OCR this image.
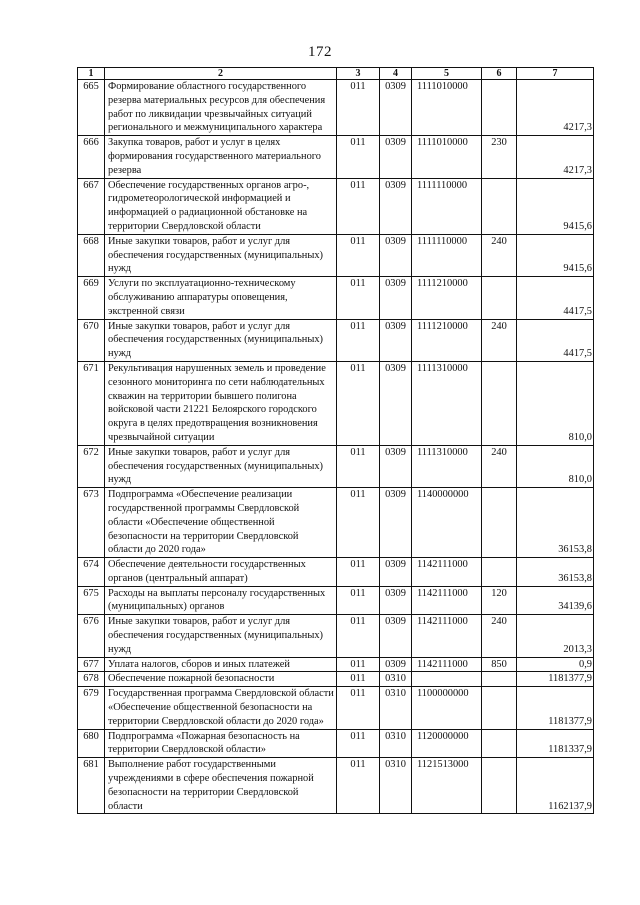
172
1	2	3	4	5	6	7
665	Формирование областного государственного резерва материальных ресурсов для обеспечения работ по ликвидации чрезвычайных ситуаций регионального и межмуниципального характера	011	0309	1111010000		4217,3
666	Закупка товаров, работ и услуг в целях формирования государственного материального резерва	011	0309	1111010000	230	4217,3
667	Обеспечение государственных органов агро-, гидрометеорологической информацией и информацией о радиационной обстановке на территории Свердловской области	011	0309	1111110000		9415,6
668	Иные закупки товаров, работ и услуг для обеспечения государственных (муниципальных) нужд	011	0309	1111110000	240	9415,6
669	Услуги по эксплуатационно-техническому обслуживанию аппаратуры оповещения, экстренной связи	011	0309	1111210000		4417,5
670	Иные закупки товаров, работ и услуг для обеспечения государственных (муниципальных) нужд	011	0309	1111210000	240	4417,5
671	Рекультивация нарушенных земель и проведение сезонного мониторинга по сети наблюдательных скважин на территории бывшего полигона войсковой части 21221 Белоярского городского округа в целях предотвращения возникновения чрезвычайной ситуации	011	0309	1111310000		810,0
672	Иные закупки товаров, работ и услуг для обеспечения государственных (муниципальных) нужд	011	0309	1111310000	240	810,0
673	Подпрограмма «Обеспечение реализации государственной программы Свердловской области «Обеспечение общественной безопасности на территории Свердловской области до 2020 года»	011	0309	1140000000		36153,8
674	Обеспечение деятельности государственных органов (центральный аппарат)	011	0309	1142111000		36153,8
675	Расходы на выплаты персоналу государственных (муниципальных) органов	011	0309	1142111000	120	34139,6
676	Иные закупки товаров, работ и услуг для обеспечения государственных (муниципальных) нужд	011	0309	1142111000	240	2013,3
677	Уплата налогов, сборов и иных платежей	011	0309	1142111000	850	0,9
678	Обеспечение пожарной безопасности	011	0310			1181377,9
679	Государственная программа Свердловской области «Обеспечение общественной безопасности на территории Свердловской области до 2020 года»	011	0310	1100000000		1181377,9
680	Подпрограмма «Пожарная безопасность на территории Свердловской области»	011	0310	1120000000		1181337,9
681	Выполнение работ государственными учреждениями в сфере обеспечения пожарной безопасности на территории Свердловской области	011	0310	1121513000		1162137,9
